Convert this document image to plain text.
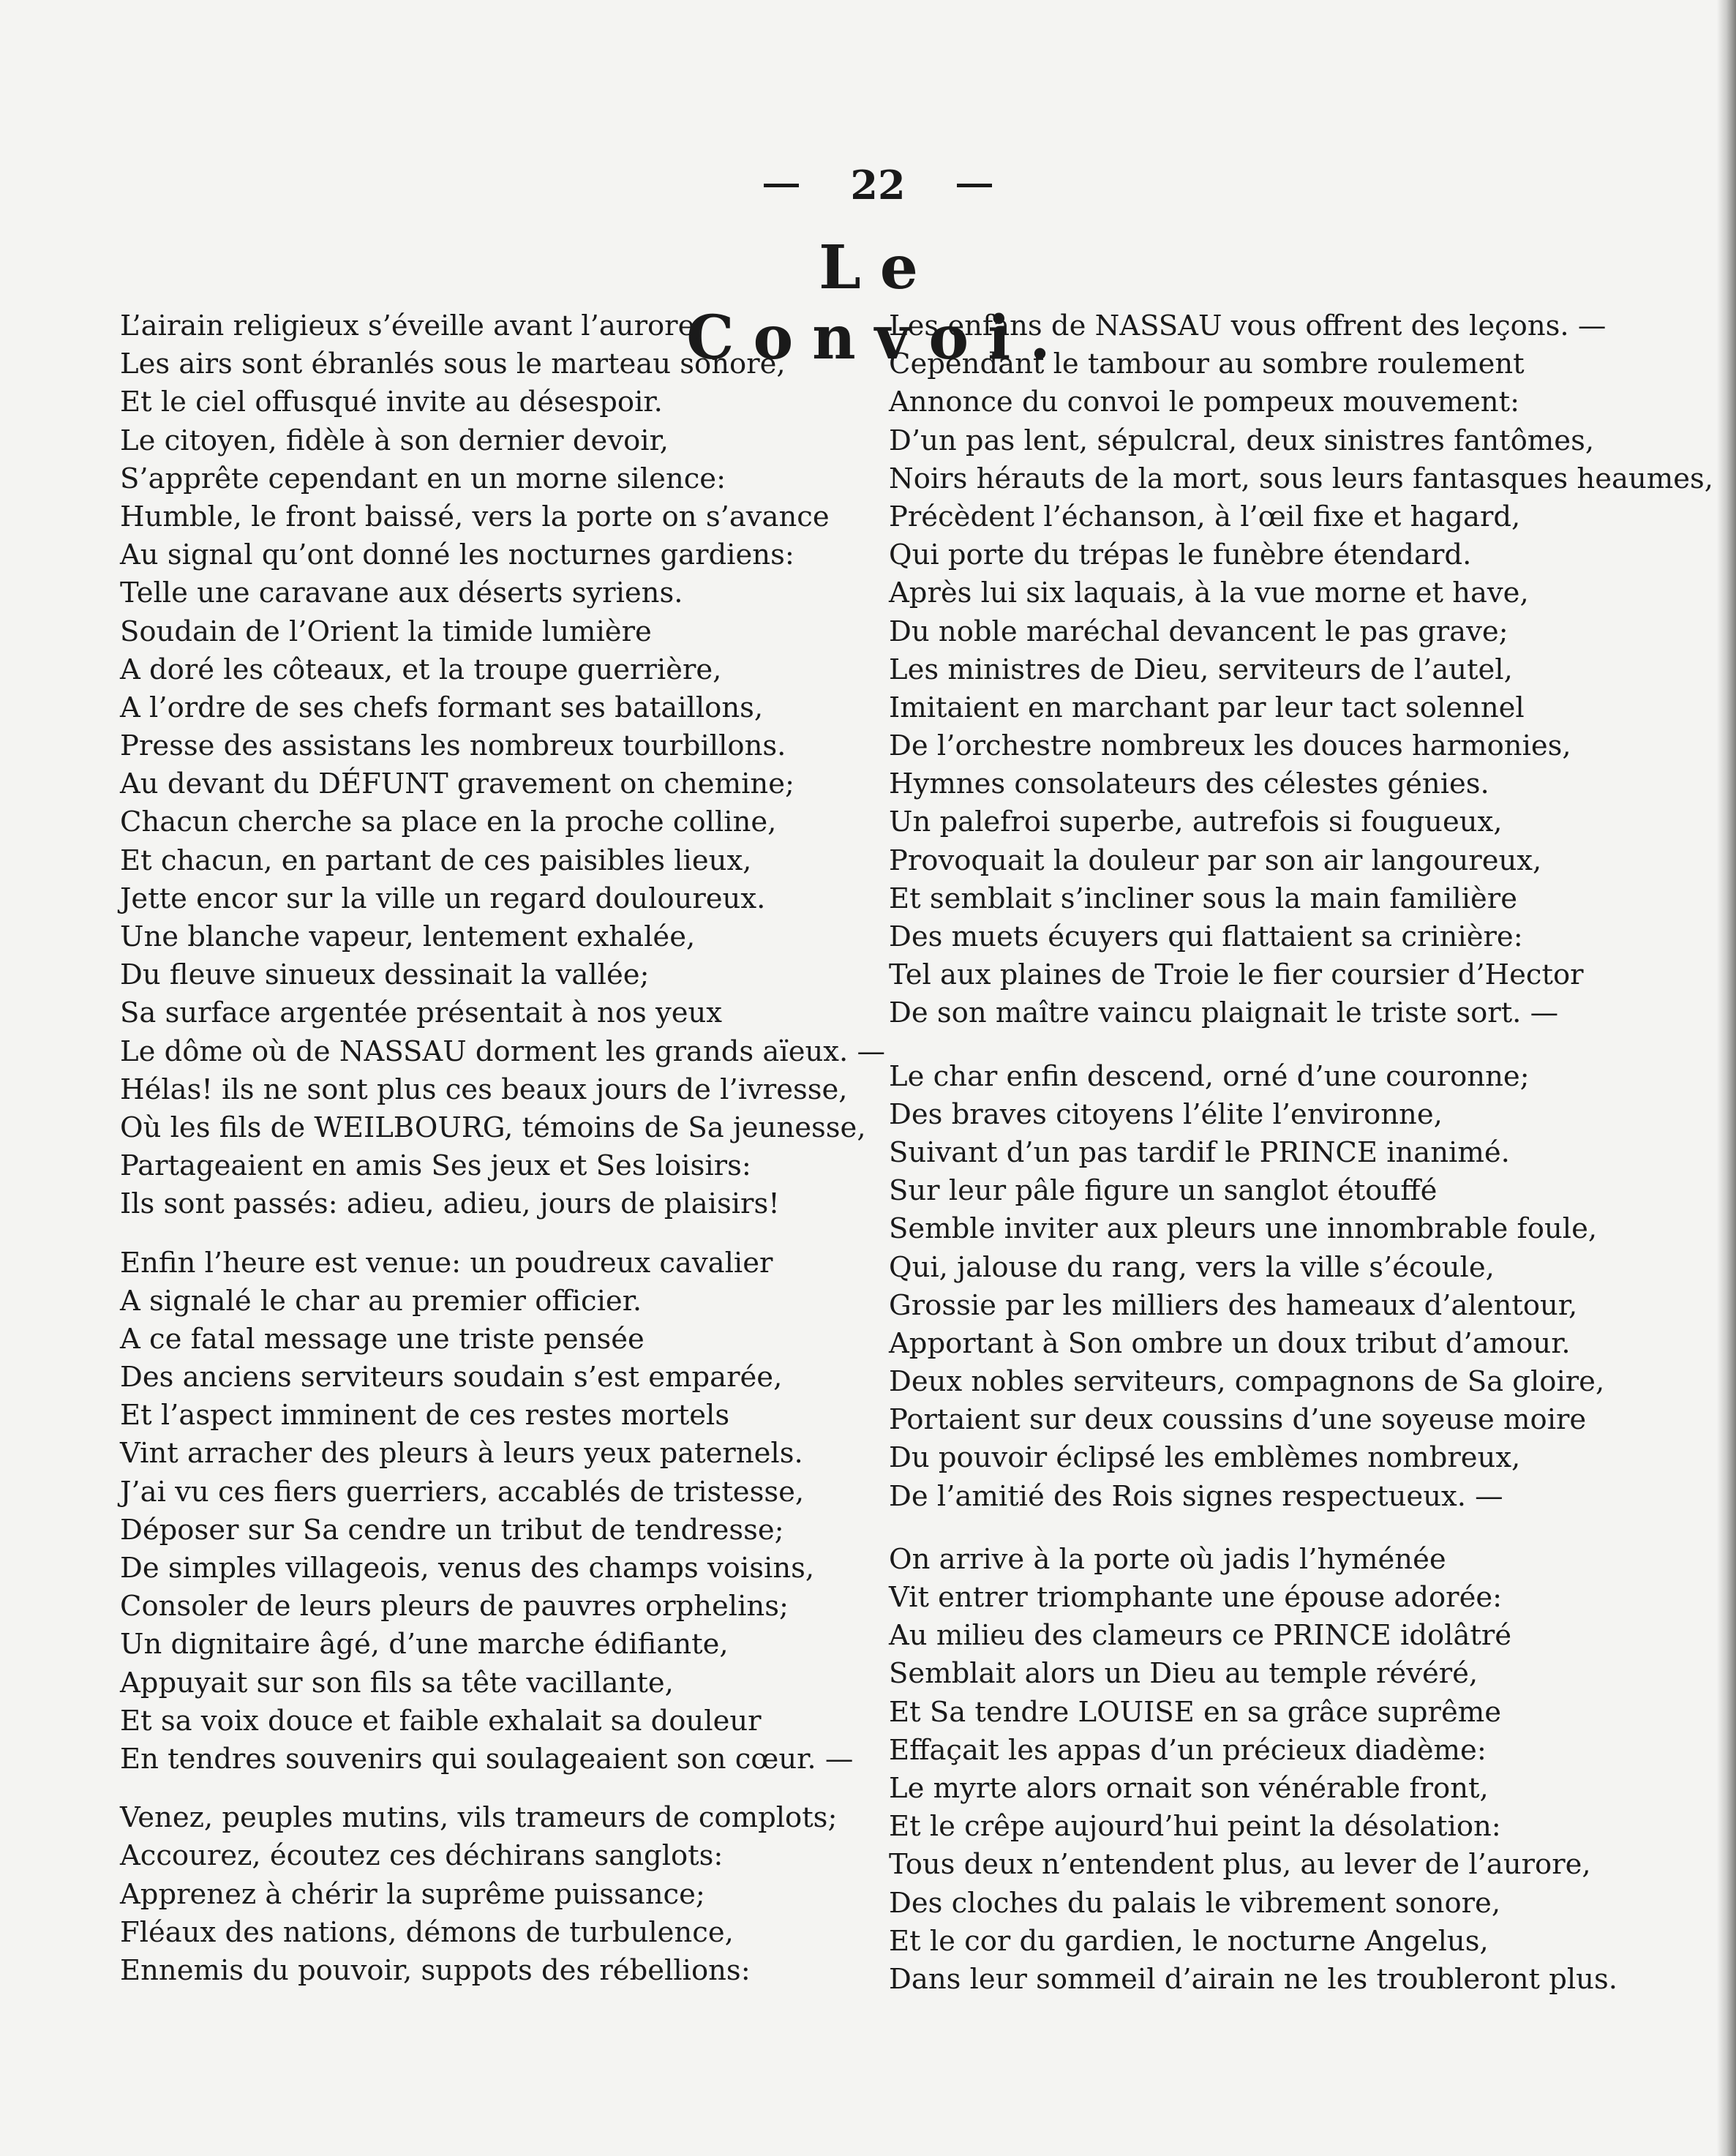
22
Le Convoi.
L’airain religieux s’éveille avant l’aurore;
Les airs sont ébranlés sous le marteau sonore,
Et le ciel offusqué invite au désespoir.
Le citoyen, fidèle à son dernier devoir,
S’apprête cependant en un morne silence:
Humble, le front baissé, vers la porte on s’avance
Au signal qu’ont donné les nocturnes gardiens:
Telle une caravane aux déserts syriens.
Soudain de l’Orient la timide lumière
A doré les côteaux, et la troupe guerrière,
A l’ordre de ses chefs formant ses bataillons,
Presse des assistans les nombreux tourbillons.
Au devant du DÉFUNT gravement on chemine;
Chacun cherche sa place en la proche colline,
Et chacun, en partant de ces paisibles lieux,
Jette encor sur la ville un regard douloureux.
Une blanche vapeur, lentement exhalée,
Du fleuve sinueux dessinait la vallée;
Sa surface argentée présentait à nos yeux
Le dôme où de NASSAU dorment les grands aïeux. —
Hélas! ils ne sont plus ces beaux jours de l’ivresse,
Où les fils de WEILBOURG, témoins de Sa jeunesse,
Partageaient en amis Ses jeux et Ses loisirs:
Ils sont passés: adieu, adieu, jours de plaisirs!
Enfin l’heure est venue: un poudreux cavalier
A signalé le char au premier officier.
A ce fatal message une triste pensée
Des anciens serviteurs soudain s’est emparée,
Et l’aspect imminent de ces restes mortels
Vint arracher des pleurs à leurs yeux paternels.
J’ai vu ces fiers guerriers, accablés de tristesse,
Déposer sur Sa cendre un tribut de tendresse;
De simples villageois, venus des champs voisins,
Consoler de leurs pleurs de pauvres orphelins;
Un dignitaire âgé, d’une marche édifiante,
Appuyait sur son fils sa tête vacillante,
Et sa voix douce et faible exhalait sa douleur
En tendres souvenirs qui soulageaient son cœur. —
Venez, peuples mutins, vils trameurs de complots;
Accourez, écoutez ces déchirans sanglots:
Apprenez à chérir la suprême puissance;
Fléaux des nations, démons de turbulence,
Ennemis du pouvoir, suppots des rébellions:
Les enfans de NASSAU vous offrent des leçons. —
Cependant le tambour au sombre roulement
Annonce du convoi le pompeux mouvement:
D’un pas lent, sépulcral, deux sinistres fantômes,
Noirs hérauts de la mort, sous leurs fantasques heaumes,
Précèdent l’échanson, à l’œil fixe et hagard,
Qui porte du trépas le funèbre étendard.
Après lui six laquais, à la vue morne et have,
Du noble maréchal devancent le pas grave;
Les ministres de Dieu, serviteurs de l’autel,
Imitaient en marchant par leur tact solennel
De l’orchestre nombreux les douces harmonies,
Hymnes consolateurs des célestes génies.
Un palefroi superbe, autrefois si fougueux,
Provoquait la douleur par son air langoureux,
Et semblait s’incliner sous la main familière
Des muets écuyers qui flattaient sa crinière:
Tel aux plaines de Troie le fier coursier d’Hector
De son maître vaincu plaignait le triste sort. —
Le char enfin descend, orné d’une couronne;
Des braves citoyens l’élite l’environne,
Suivant d’un pas tardif le PRINCE inanimé.
Sur leur pâle figure un sanglot étouffé
Semble inviter aux pleurs une innombrable foule,
Qui, jalouse du rang, vers la ville s’écoule,
Grossie par les milliers des hameaux d’alentour,
Apportant à Son ombre un doux tribut d’amour.
Deux nobles serviteurs, compagnons de Sa gloire,
Portaient sur deux coussins d’une soyeuse moire
Du pouvoir éclipsé les emblèmes nombreux,
De l’amitié des Rois signes respectueux. —
On arrive à la porte où jadis l’hyménée
Vit entrer triomphante une épouse adorée:
Au milieu des clameurs ce PRINCE idolâtré
Semblait alors un Dieu au temple révéré,
Et Sa tendre LOUISE en sa grâce suprême
Effaçait les appas d’un précieux diadème:
Le myrte alors ornait son vénérable front,
Et le crêpe aujourd’hui peint la désolation:
Tous deux n’entendent plus, au lever de l’aurore,
Des cloches du palais le vibrement sonore,
Et le cor du gardien, le nocturne Angelus,
Dans leur sommeil d’airain ne les troubleront plus.
